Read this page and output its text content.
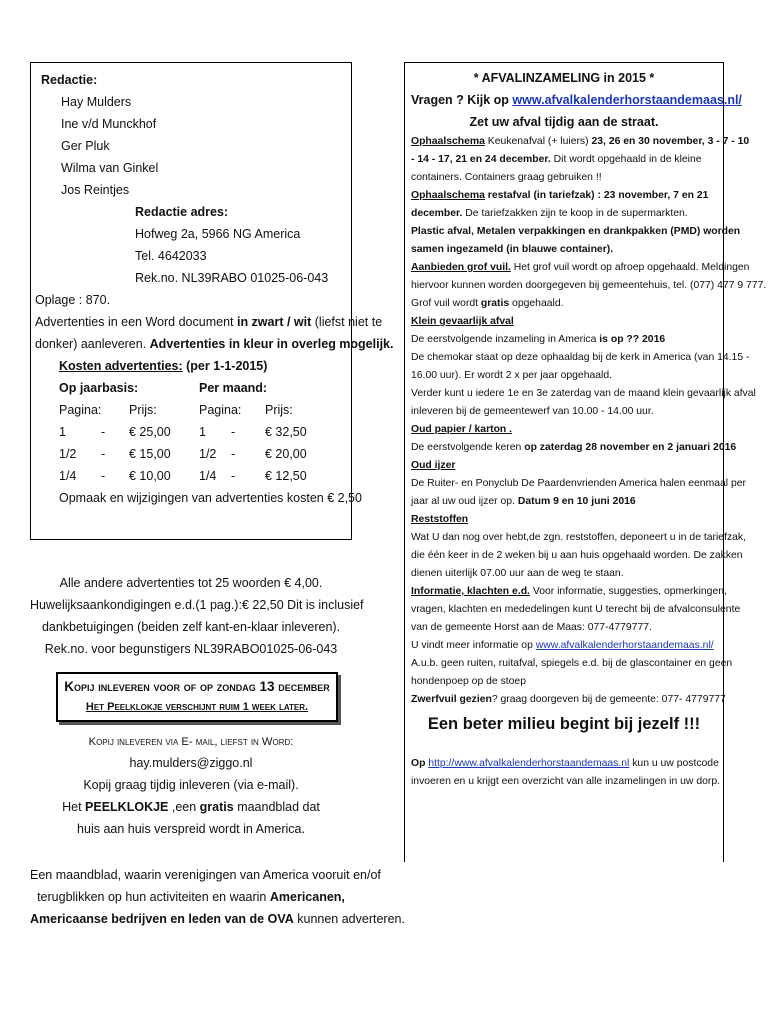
Redactie:
Hay Mulders
Ine v/d Munckhof
Ger Pluk
Wilma van Ginkel
Jos Reintjes
Redactie adres:
Hofweg 2a, 5966 NG America
Tel. 4642033
Rek.no. NL39RABO 01025-06-043
Oplage : 870.
Advertenties in een Word document in zwart / wit (liefst niet te
donker) aanleveren. Advertenties in kleur in overleg mogelijk.
Kosten advertenties: (per 1-1-2015)
Op jaarbasis:	Per maand:
Pagina: Prijs:	Pagina: Prijs:
1	- € 25,00 1 - € 32,50
1/2 - € 15,00 1/2 - € 20,00
1/4 - € 10,00 1/4 - € 12,50
Opmaak en wijzigingen van advertenties kosten € 2,50
Alle andere advertenties tot 25 woorden € 4,00.
Huwelijksaankondigingen e.d.(1 pag.):€ 22,50 Dit is inclusief
dankbetuigingen (beiden zelf kant-en-klaar inleveren).
Rek.no. voor begunstigers NL39RABO01025-06-043
Kopij inleveren voor of op zondag 13 december
Het Peelklokje verschijnt ruim 1 week later.
Kopij inleveren via E- mail, liefst in Word:
hay.mulders@ziggo.nl
Kopij graag tijdig inleveren (via e-mail).
Het PEELKLOKJE ,een gratis maandblad dat
huis aan huis verspreid wordt in America.
Een maandblad, waarin verenigingen van America vooruit en/of
terugblikken op hun activiteiten en waarin Americanen,
Americaanse bedrijven en leden van de OVA kunnen adverteren.
* AFVALINZAMELING in 2015 *
Vragen ? Kijk op www.afvalkalenderhorstaandemaas.nl/
Zet uw afval tijdig aan de straat.
Ophaalschema Keukenafval (+ luiers) 23, 26 en 30 november, 3 - 7 - 10
- 14 - 17, 21 en 24 december. Dit wordt opgehaald in de kleine
containers. Containers graag gebruiken !!
Ophaalschema restafval (in tariefzak) : 23 november, 7 en 21
december. De tariefzakken zijn te koop in de supermarkten.
Plastic afval, Metalen verpakkingen en drankpakken (PMD) worden
samen ingezameld (in blauwe container).
Aanbieden grof vuil. Het grof vuil wordt op afroep opgehaald. Meldingen
hiervoor kunnen worden doorgegeven bij gemeentehuis, tel. (077) 477 9 777.
Grof vuil wordt gratis opgehaald.
Klein gevaarlijk afval
De eerstvolgende inzameling in America is op ?? 2016
De chemokar staat op deze ophaaldag bij de kerk in America (van 14.15 -
16.00 uur). Er wordt 2 x per jaar opgehaald.
Verder kunt u iedere 1e en 3e zaterdag van de maand klein gevaarlijk afval
inleveren bij de gemeentewerf van 10.00 - 14.00 uur.
Oud papier / karton .
De eerstvolgende keren op zaterdag 28 november en 2 januari 2016
Oud ijzer
De Ruiter- en Ponyclub De Paardenvrienden America halen eenmaal per
jaar al uw oud ijzer op. Datum 9 en 10 juni 2016
Reststoffen
Wat U dan nog over hebt,de zgn. reststoffen, deponeert u in de tariefzak,
die één keer in de 2 weken bij u aan huis opgehaald worden. De zakken
dienen uiterlijk 07.00 uur aan de weg te staan.
Informatie, klachten e.d. Voor informatie, suggesties, opmerkingen,
vragen, klachten en mededelingen kunt U terecht bij de afvalconsulente
van de gemeente Horst aan de Maas: 077-4779777.
U vindt meer informatie op www.afvalkalenderhorstaandemaas.nl/
A.u.b. geen ruiten, ruitafval, spiegels e.d. bij de glascontainer en geen
hondenpoep op de stoep
Zwerfvuil gezien? graag doorgeven bij de gemeente: 077- 4779777
Een beter milieu begint bij jezelf !!!
Op http://www.afvalkalenderhorstaandemaas.nl kun u uw postcode
invoeren en u krijgt een overzicht van alle inzamelingen in uw dorp.
